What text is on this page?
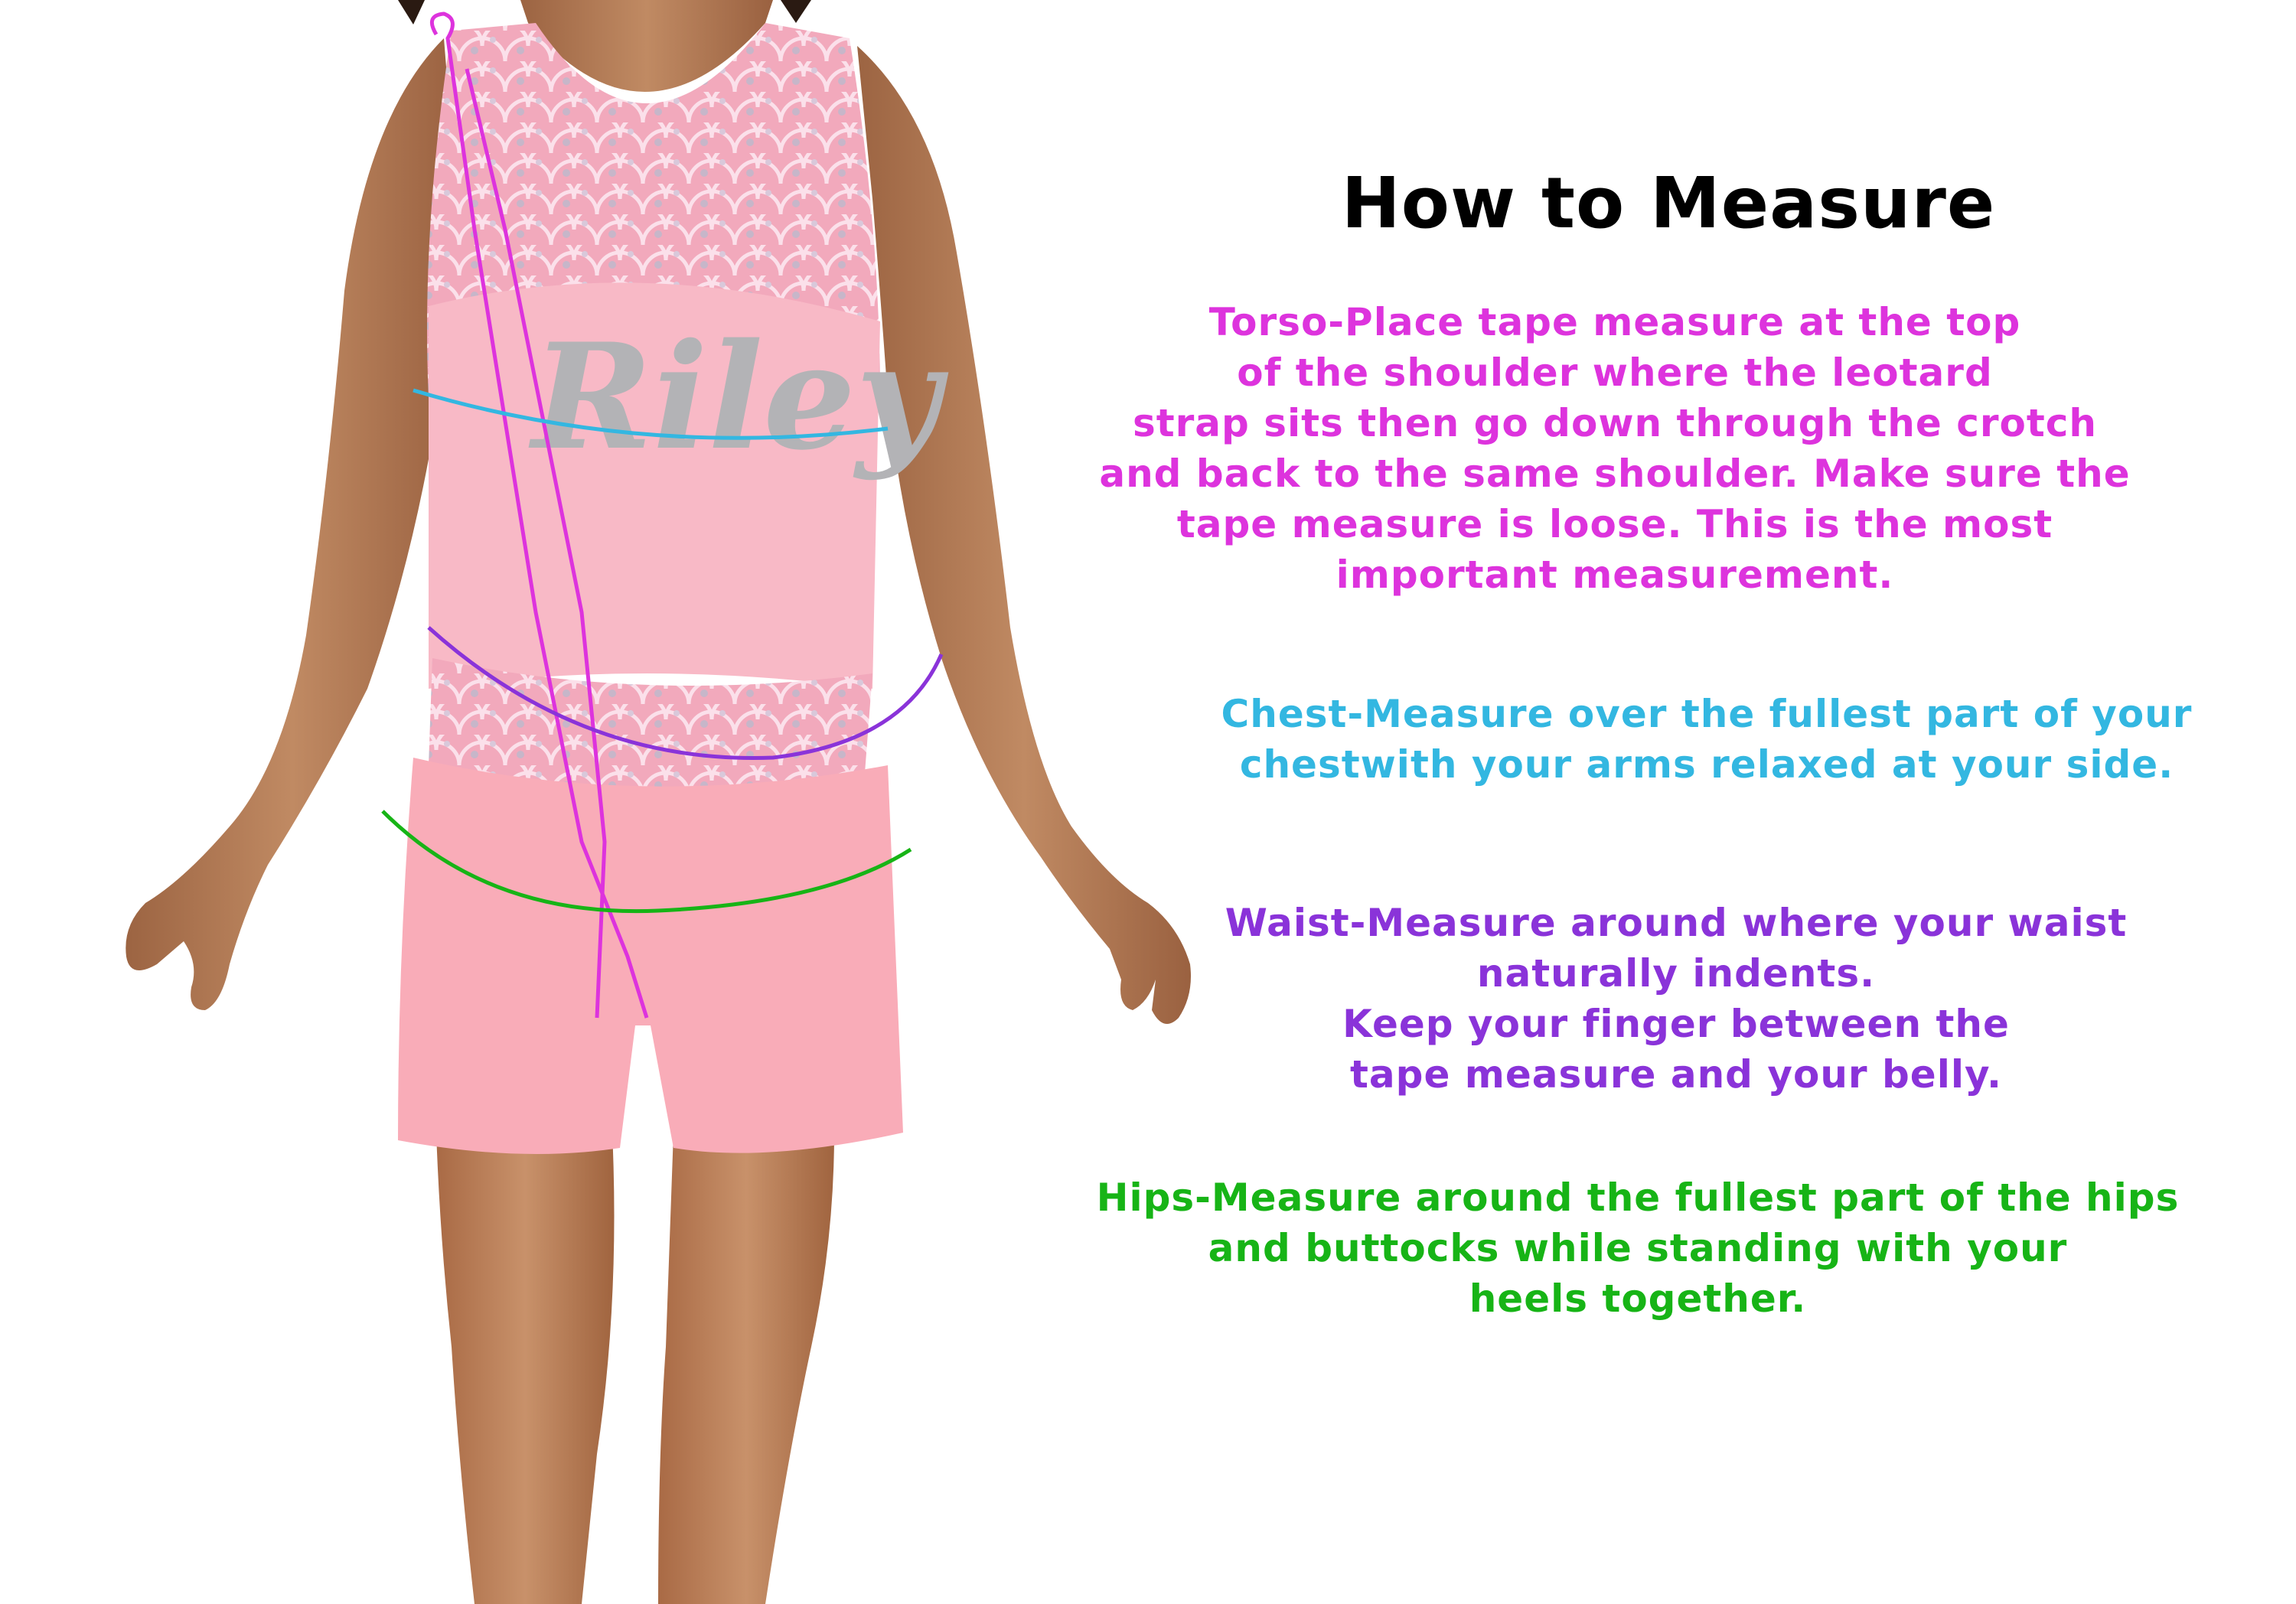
Riley
How to Measure
Torso-Place tape measure at the top
of the shoulder where the leotard
strap sits then go down through the crotch
and back to the same shoulder. Make sure the
tape measure is loose. This is the most
important measurement.
Chest-Measure over the fullest part of your
chestwith your arms relaxed at your side.
Waist-Measure around where your waist
naturally indents.
Keep your finger between the
tape measure and your belly.
Hips-Measure around the fullest part of the hips
and buttocks while standing with your
heels together.
